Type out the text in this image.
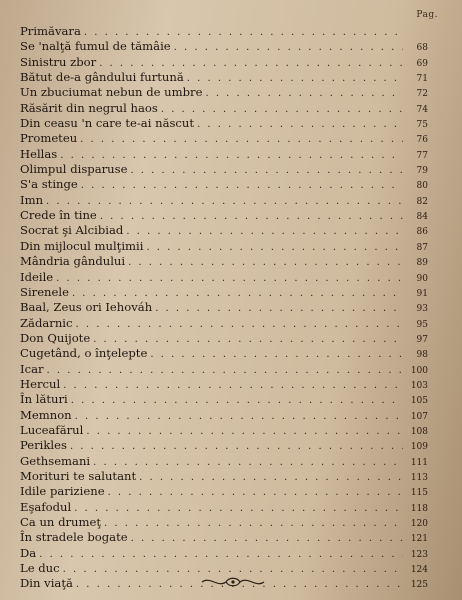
Pag.
Primăvara
. . .
Se 'nalţă fumul de tămâie . . .	68
Sinistru zbor . . .	69
Bătut de-a gândului furtună . . .	71
Un zbuciumat nebun de umbre . . .	72
Răsărit din negrul haos . . .	74
Din ceasu 'n care te-ai născut . . .	75
Prometeu . . .	76
Hellas . . .	77
Olimpul disparuse . . .	79
S'a stinge . . .	80
Imn . . .	82
Crede în tine . . .	84
Socrat şi Alcibiad . . .	86
Din mijlocul mulţimii . . .	87
Mândria gândului . . .	89
Ideile . . .	90
Sirenele . . .	91
Baal, Zeus ori Iehováh . . .	93
Zădarnic . . .	95
Don Quijote . . .	97
Cugetând, o înţelepte . . .	98
Icar . . .	100
Hercul . . .	103
În lături . . .	105
Memnon . . .	107
Luceafărul . . .	108
Perikles . . .	109
Gethsemani . . .	111
Morituri te salutant . . .	113
Idile pariziene . . .	115
Eşafodul . . .	118
Ca un drumeţ . . .	120
În stradele bogate . . .	121
Da . . .	123
Le duc . . .	124
Din viaţă . . .	125
